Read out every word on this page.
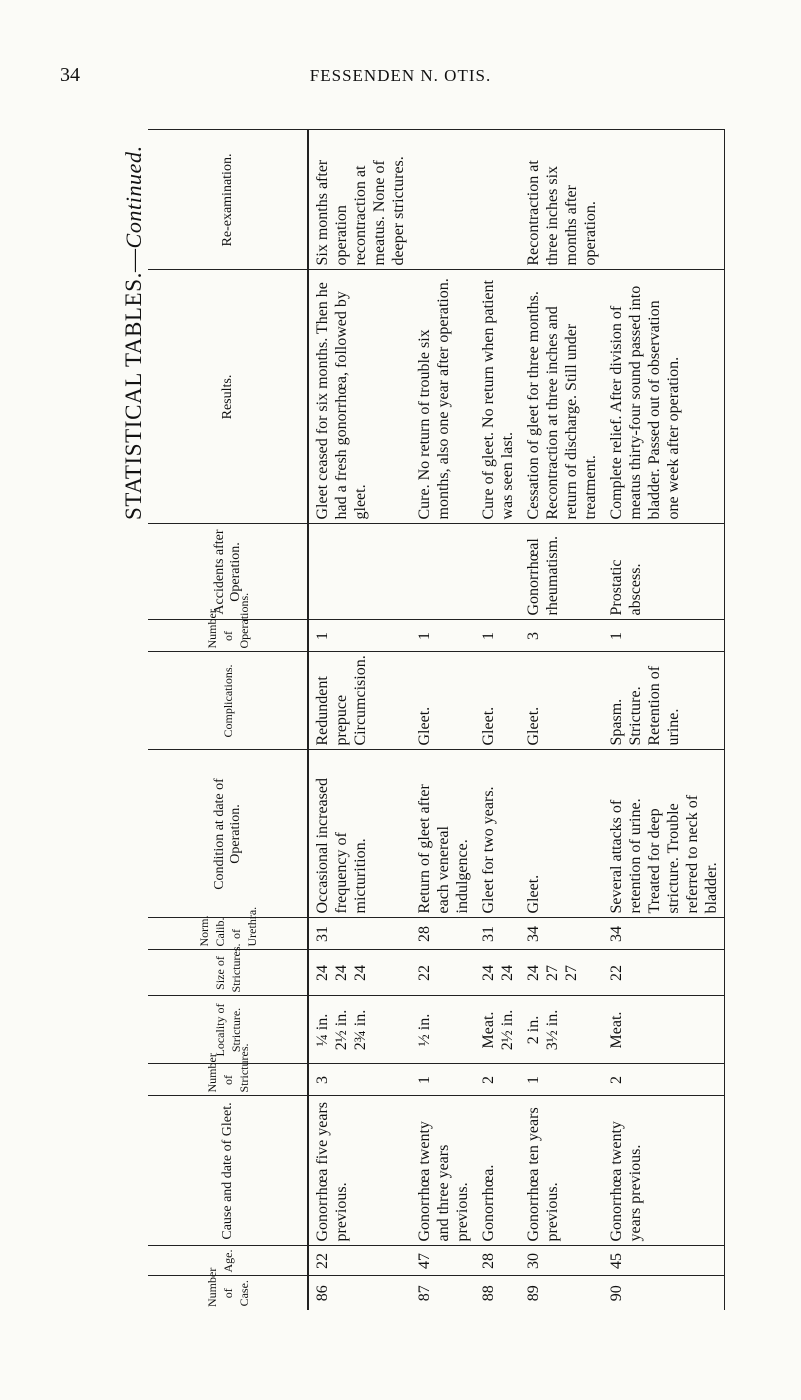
34	FESSENDEN N. OTIS.
STATISTICAL TABLES.—Continued.
Number of Case.	Age.	Cause and date of Gleet.	Number of Strictures.	Locality of Stricture.	Size of Strictures.	Norm. Calib. of Urethra.	Condition at date of Operation.	Complications.	Number of Operations.	Accidents after Operation.	Results.	Re-examination.
86	22	Gonorrhœa five years previous.	3	¼ in.
2½ in.
2¾ in.	24
24
24	31	Occasional increased frequency of micturition.	Redundent prepuce Circumcision.	1		Gleet ceased for six months. Then he had a fresh gonorrhœa, followed by gleet.	Six months after operation recontraction at meatus. None of deeper strictures.
87	47	Gonorrhœa twenty and three years previous.	1	½ in.	22	28	Return of gleet after each venereal indulgence.	Gleet.	1		Cure. No return of trouble six months, also one year after operation.	
88	28	Gonorrhœa.	2	Meat.
2½ in.	24
24	31	Gleet for two years.	Gleet.	1		Cure of gleet. No return when patient was seen last.	
89	30	Gonorrhœa ten years previous.	1	2 in.
3½ in.	24
27
27	34	Gleet.	Gleet.	3	Gonorrhœal rheumatism.	Cessation of gleet for three months. Recontraction at three inches and return of discharge. Still under treatment.	Recontraction at three inches six months after operation.
90	45	Gonorrhœa twenty years previous.	2	Meat.	22	34	Several attacks of retention of urine. Treated for deep stricture. Trouble referred to neck of bladder.	Spasm. Stricture. Retention of urine.	1	Prostatic abscess.	Complete relief. After division of meatus thirty-four sound passed into bladder. Passed out of observation one week after operation.	
